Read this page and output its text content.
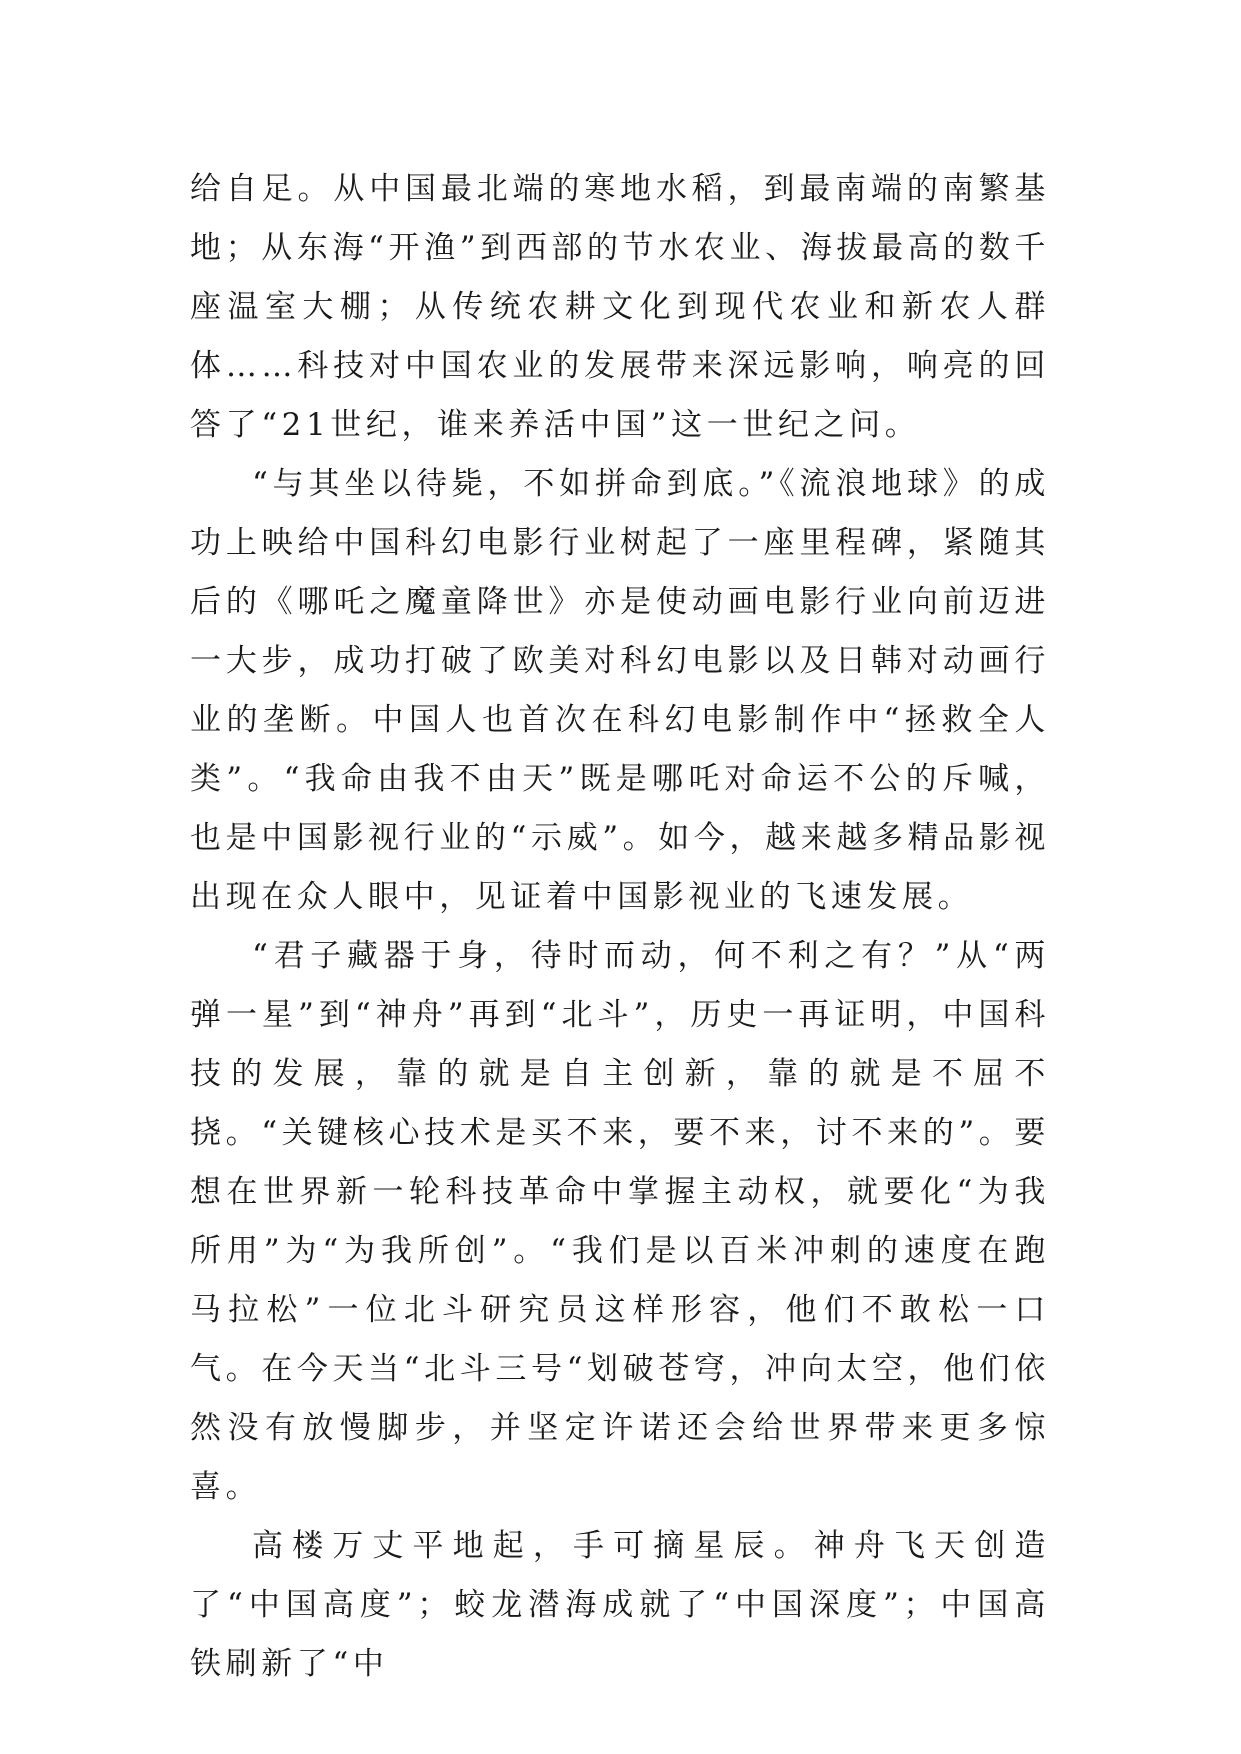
给自足。从中国最北端的寒地水稻，到最南端的南繁基地；从东海“开渔”到西部的节水农业、海拔最高的数千座温室大棚；从传统农耕文化到现代农业和新农人群体……科技对中国农业的发展带来深远影响，响亮的回答了“21世纪，谁来养活中国”这一世纪之问。

“与其坐以待毙，不如拼命到底。”《流浪地球》的成功上映给中国科幻电影行业树起了一座里程碑，紧随其后的《哪吒之魔童降世》亦是使动画电影行业向前迈进一大步，成功打破了欧美对科幻电影以及日韩对动画行业的垄断。中国人也首次在科幻电影制作中“拯救全人类”。“我命由我不由天”既是哪吒对命运不公的斥喊，也是中国影视行业的“示威”。如今，越来越多精品影视出现在众人眼中，见证着中国影视业的飞速发展。

“君子藏器于身，待时而动，何不利之有？”从“两弹一星”到“神舟”再到“北斗”，历史一再证明，中国科技的发展，靠的就是自主创新，靠的就是不屈不挠。“关键核心技术是买不来，要不来，讨不来的”。要想在世界新一轮科技革命中掌握主动权，就要化“为我所用”为“为我所创”。“我们是以百米冲刺的速度在跑马拉松”一位北斗研究员这样形容，他们不敢松一口气。在今天当“北斗三号“划破苍穹，冲向太空，他们依然没有放慢脚步，并坚定许诺还会给世界带来更多惊喜。

高楼万丈平地起，手可摘星辰。神舟飞天创造了“中国高度”；蛟龙潜海成就了“中国深度”；中国高铁刷新了“中
